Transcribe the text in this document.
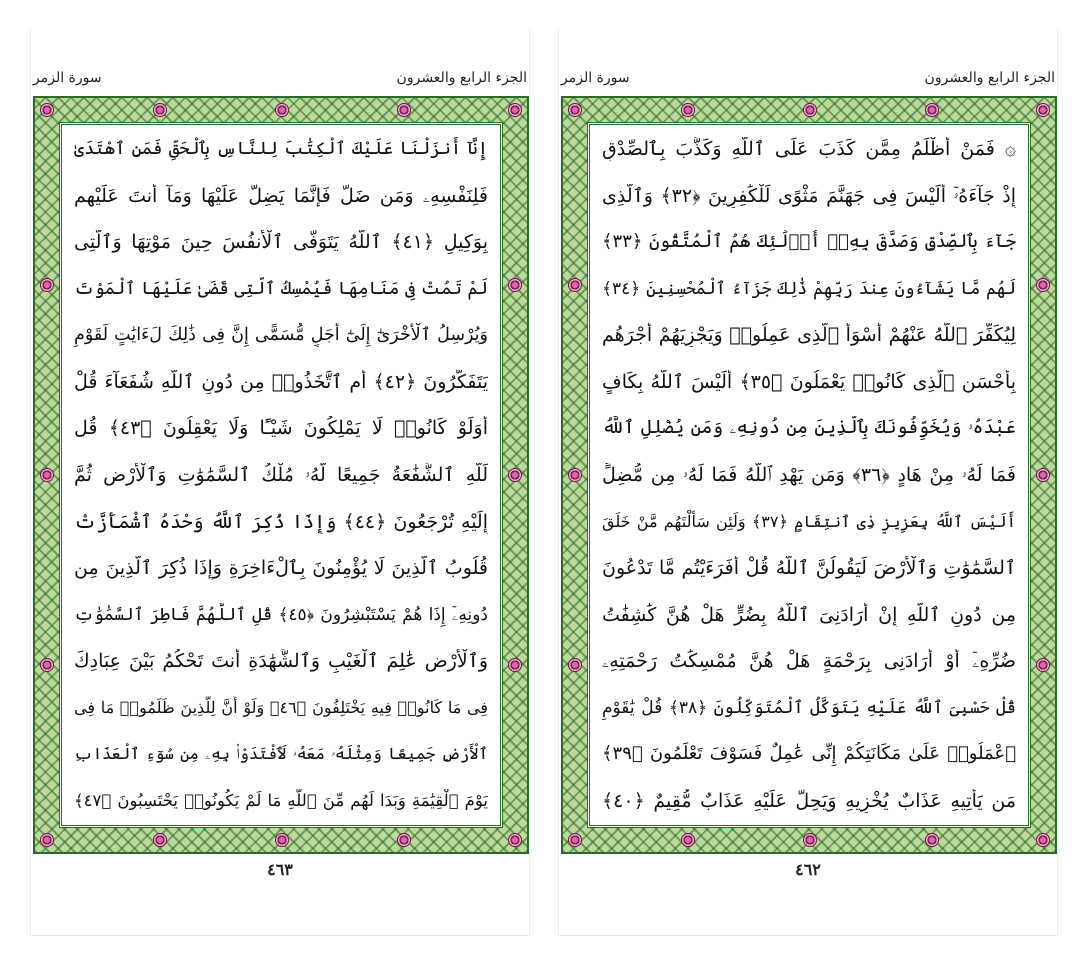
الجزء الرابع والعشرون
سورة الزمر
إِنَّآ أَنزَلْنَا عَلَيْكَ ٱلْكِتَٰبَ لِلنَّاسِ بِٱلْحَقِّ فَمَنِ ٱهْتَدَىٰ
فَلِنَفْسِهِۦ وَمَن ضَلَّ فَإِنَّمَا يَضِلُّ عَلَيْهَا وَمَآ أَنتَ عَلَيْهِم
بِوَكِيلٍ ﴿٤١﴾ ٱللَّهُ يَتَوَفَّى ٱلْأَنفُسَ حِينَ مَوْتِهَا وَٱلَّتِى
لَمْ تَمُتْ فِى مَنَامِهَا فَيُمْسِكُ ٱلَّتِى قَضَىٰ عَلَيْهَا ٱلْمَوْتَ
وَيُرْسِلُ ٱلْأُخْرَىٰٓ إِلَىٰٓ أَجَلٍ مُّسَمًّى إِنَّ فِى ذَٰلِكَ لَءَايَٰتٍ لِّقَوْمٍ
يَتَفَكَّرُونَ ﴿٤٢﴾ أَمِ ٱتَّخَذُوا۟ مِن دُونِ ٱللَّهِ شُفَعَآءَ قُلْ
أَوَلَوْ كَانُوا۟ لَا يَمْلِكُونَ شَيْـًٔا وَلَا يَعْقِلُونَ ﴿٤٣﴾ قُل
لِّلَّهِ ٱلشَّفَٰعَةُ جَمِيعًا لَّهُۥ مُلْكُ ٱلسَّمَٰوَٰتِ وَٱلْأَرْضِ ثُمَّ
إِلَيْهِ تُرْجَعُونَ ﴿٤٤﴾ وَإِذَا ذُكِرَ ٱللَّهُ وَحْدَهُ ٱشْمَأَزَّتْ
قُلُوبُ ٱلَّذِينَ لَا يُؤْمِنُونَ بِٱلْءَاخِرَةِ وَإِذَا ذُكِرَ ٱلَّذِينَ مِن
دُونِهِۦٓ إِذَا هُمْ يَسْتَبْشِرُونَ ﴿٤٥﴾ قُلِ ٱللَّهُمَّ فَاطِرَ ٱلسَّمَٰوَٰتِ
وَٱلْأَرْضِ عَٰلِمَ ٱلْغَيْبِ وَٱلشَّهَٰدَةِ أَنتَ تَحْكُمُ بَيْنَ عِبَادِكَ
فِى مَا كَانُوا۟ فِيهِ يَخْتَلِفُونَ ﴿٤٦﴾ وَلَوْ أَنَّ لِلَّذِينَ ظَلَمُوا۟ مَا فِى
ٱلْأَرْضِ جَمِيعًا وَمِثْلَهُۥ مَعَهُۥ لَٱفْتَدَوْا۟ بِهِۦ مِن سُوٓءِ ٱلْعَذَابِ
يَوْمَ ٱلْقِيَٰمَةِ وَبَدَا لَهُم مِّنَ ٱللَّهِ مَا لَمْ يَكُونُوا۟ يَحْتَسِبُونَ ﴿٤٧﴾
٤٦٣
الجزء الرابع والعشرون
سورة الزمر
۞ فَمَنْ أَظْلَمُ مِمَّن كَذَبَ عَلَى ٱللَّهِ وَكَذَّبَ بِٱلصِّدْقِ
إِذْ جَآءَهُۥٓ أَلَيْسَ فِى جَهَنَّمَ مَثْوًى لِّلْكَٰفِرِينَ ﴿٣٢﴾ وَٱلَّذِى
جَآءَ بِٱلصِّدْقِ وَصَدَّقَ بِهِۦٓ أُو۟لَٰٓئِكَ هُمُ ٱلْمُتَّقُونَ ﴿٣٣﴾
لَهُم مَّا يَشَآءُونَ عِندَ رَبِّهِمْ ذَٰلِكَ جَزَآءُ ٱلْمُحْسِنِينَ ﴿٣٤﴾
لِيُكَفِّرَ ٱللَّهُ عَنْهُمْ أَسْوَأَ ٱلَّذِى عَمِلُوا۟ وَيَجْزِيَهُمْ أَجْرَهُم
بِأَحْسَنِ ٱلَّذِى كَانُوا۟ يَعْمَلُونَ ﴿٣٥﴾ أَلَيْسَ ٱللَّهُ بِكَافٍ
عَبْدَهُۥ وَيُخَوِّفُونَكَ بِٱلَّذِينَ مِن دُونِهِۦ وَمَن يُضْلِلِ ٱللَّهُ
فَمَا لَهُۥ مِنْ هَادٍ ﴿٣٦﴾ وَمَن يَهْدِ ٱللَّهُ فَمَا لَهُۥ مِن مُّضِلٍّ
أَلَيْسَ ٱللَّهُ بِعَزِيزٍ ذِى ٱنتِقَامٍ ﴿٣٧﴾ وَلَئِن سَأَلْتَهُم مَّنْ خَلَقَ
ٱلسَّمَٰوَٰتِ وَٱلْأَرْضَ لَيَقُولُنَّ ٱللَّهُ قُلْ أَفَرَءَيْتُم مَّا تَدْعُونَ
مِن دُونِ ٱللَّهِ إِنْ أَرَادَنِىَ ٱللَّهُ بِضُرٍّ هَلْ هُنَّ كَٰشِفَٰتُ
ضُرِّهِۦٓ أَوْ أَرَادَنِى بِرَحْمَةٍ هَلْ هُنَّ مُمْسِكَٰتُ رَحْمَتِهِۦ
قُلْ حَسْبِىَ ٱللَّهُ عَلَيْهِ يَتَوَكَّلُ ٱلْمُتَوَكِّلُونَ ﴿٣٨﴾ قُلْ يَٰقَوْمِ
ٱعْمَلُوا۟ عَلَىٰ مَكَانَتِكُمْ إِنِّى عَٰمِلٌ فَسَوْفَ تَعْلَمُونَ ﴿٣٩﴾
مَن يَأْتِيهِ عَذَابٌ يُخْزِيهِ وَيَحِلُّ عَلَيْهِ عَذَابٌ مُّقِيمٌ ﴿٤٠﴾
٤٦٢
